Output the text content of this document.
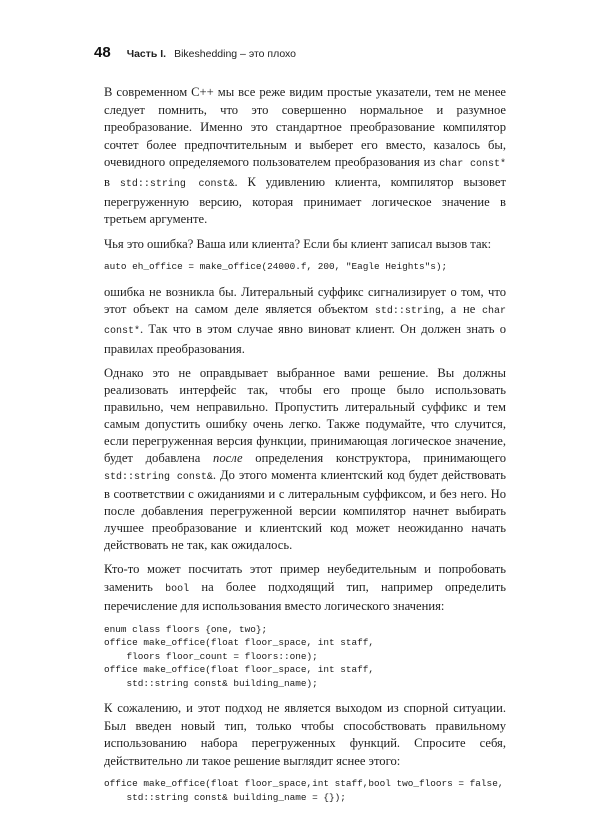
48 Часть I. Bikeshedding – это плохо

В современном C++ мы все реже видим простые указатели, тем не менее следует помнить, что это совершенно нормальное и разумное преобразование. Именно это стандартное преобразование компилятор сочтет более предпочтительным и выберет его вместо, казалось бы, очевидного определяемого пользователем преобразования из char const* в std::string const&. К удивлению клиента, компилятор вызовет перегруженную версию, которая принимает логическое значение в третьем аргументе.

Чья это ошибка? Ваша или клиента? Если бы клиент записал вызов так:

auto eh_office = make_office(24000.f, 200, "Eagle Heights"s);

ошибка не возникла бы. Литеральный суффикс сигнализирует о том, что этот объект на самом деле является объектом std::string, а не char const*. Так что в этом случае явно виноват клиент. Он должен знать о правилах преобразования.

Однако это не оправдывает выбранное вами решение. Вы должны реализовать интерфейс так, чтобы его проще было использовать правильно, чем неправильно. Пропустить литеральный суффикс и тем самым допустить ошибку очень легко. Также подумайте, что случится, если перегруженная версия функции, принимающая логическое значение, будет добавлена после определения конструктора, принимающего std::string const&. До этого момента клиентский код будет действовать в соответствии с ожиданиями и с литеральным суффиксом, и без него. Но после добавления перегруженной версии компилятор начнет выбирать лучшее преобразование и клиентский код может неожиданно начать действовать не так, как ожидалось.

Кто-то может посчитать этот пример неубедительным и попробовать заменить bool на более подходящий тип, например определить перечисление для использования вместо логического значения:

enum class floors {one, two};
office make_office(float floor_space, int staff,
floors floor_count = floors::one);
office make_office(float floor_space, int staff,
std::string const& building_name);

К сожалению, и этот подход не является выходом из спорной ситуации. Был введен новый тип, только чтобы способствовать правильному использованию набора перегруженных функций. Спросите себя, действительно ли такое решение выглядит яснее этого:

office make_office(float floor_space,int staff,bool two_floors = false,
std::string const& building_name = {});
